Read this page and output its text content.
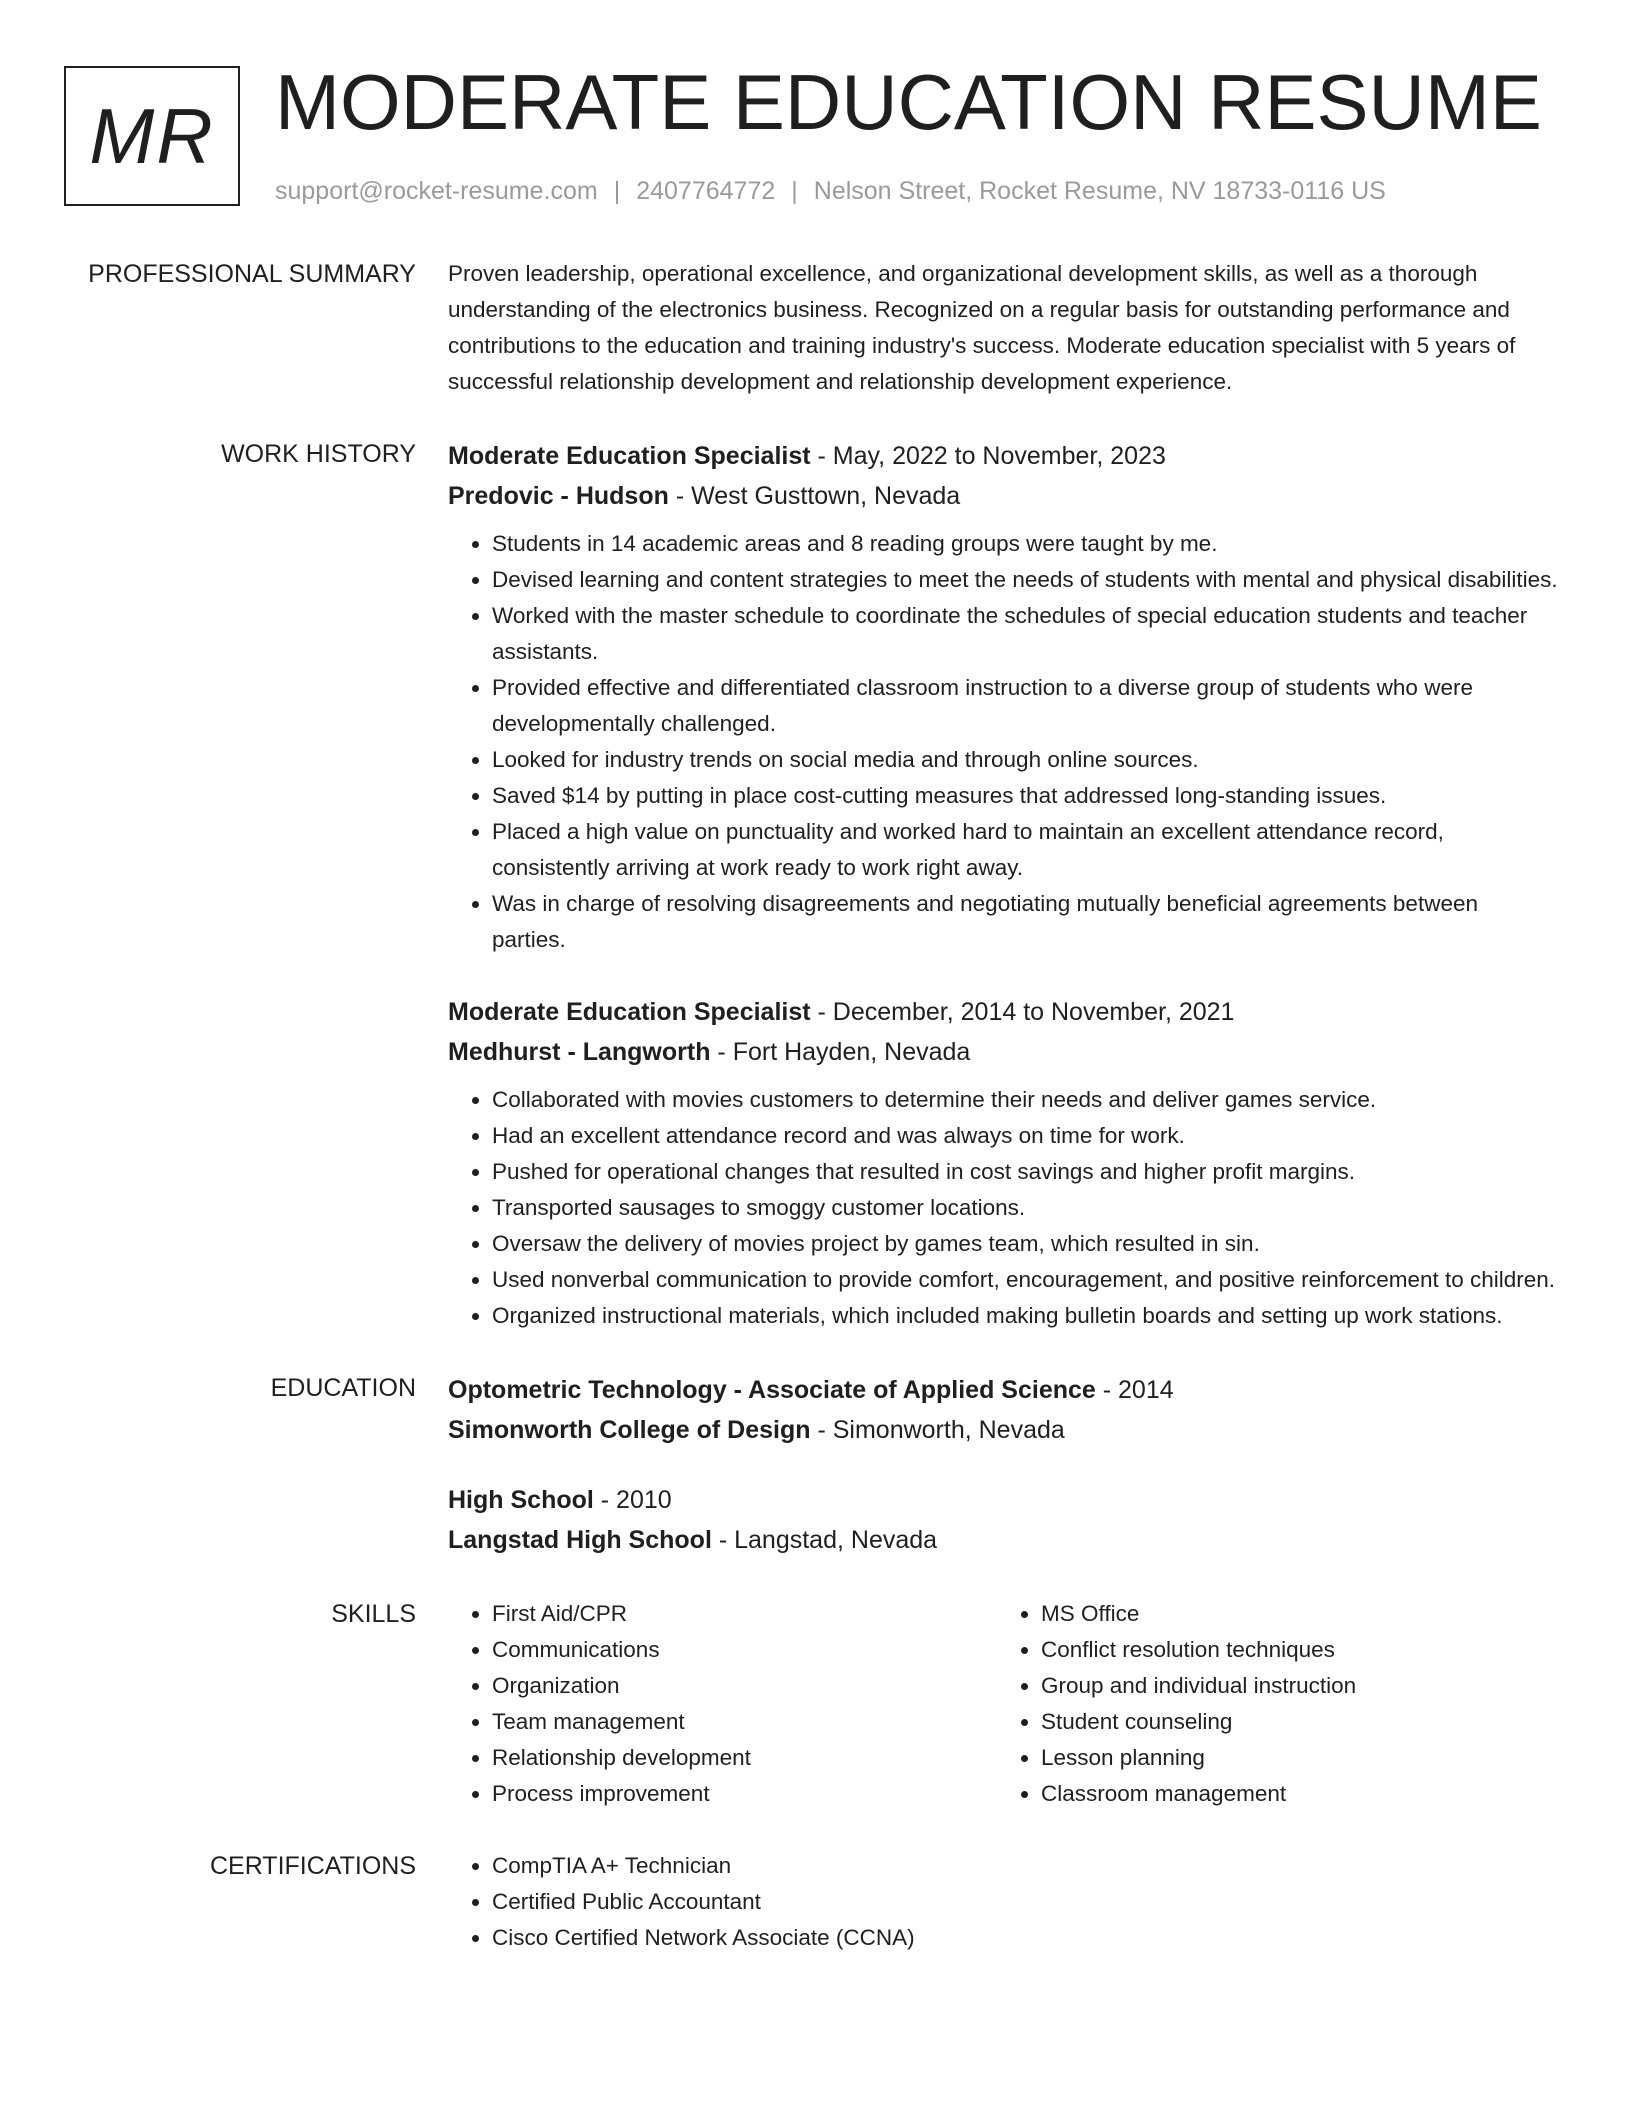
MR MODERATE EDUCATION RESUME
support@rocket-resume.com | 2407764772 | Nelson Street, Rocket Resume, NV 18733-0116 US
PROFESSIONAL SUMMARY Proven leadership, operational excellence, and organizational development skills, as well as a thorough understanding of the electronics business. Recognized on a regular basis for outstanding performance and contributions to the education and training industry's success. Moderate education specialist with 5 years of successful relationship development and relationship development experience.

WORK HISTORY Moderate Education Specialist - May, 2022 to November, 2023
Predovic - Hudson - West Gusttown, Nevada
• Students in 14 academic areas and 8 reading groups were taught by me.
• Devised learning and content strategies to meet the needs of students with mental and physical disabilities.
• Worked with the master schedule to coordinate the schedules of special education students and teacher assistants.
• Provided effective and differentiated classroom instruction to a diverse group of students who were developmentally challenged.
• Looked for industry trends on social media and through online sources.
• Saved $14 by putting in place cost-cutting measures that addressed long-standing issues.
• Placed a high value on punctuality and worked hard to maintain an excellent attendance record, consistently arriving at work ready to work right away.
• Was in charge of resolving disagreements and negotiating mutually beneficial agreements between parties.
Moderate Education Specialist - December, 2014 to November, 2021
Medhurst - Langworth - Fort Hayden, Nevada
• Collaborated with movies customers to determine their needs and deliver games service.
• Had an excellent attendance record and was always on time for work.
• Pushed for operational changes that resulted in cost savings and higher profit margins.
• Transported sausages to smoggy customer locations.
• Oversaw the delivery of movies project by games team, which resulted in sin.
• Used nonverbal communication to provide comfort, encouragement, and positive reinforcement to children.
• Organized instructional materials, which included making bulletin boards and setting up work stations.
EDUCATION Optometric Technology - Associate of Applied Science - 2014
Simonworth College of Design - Simonworth, Nevada
High School - 2010
Langstad High School - Langstad, Nevada
SKILLS	• First Aid/CPR
• Communications
• Organization
• Team management
• Relationship development
• Process improvement
• MS Office
• Conflict resolution techniques
• Group and individual instruction
• Student counseling
• Lesson planning
• Classroom management
CERTIFICATIONS	• CompTIA A+ Technician
• Certified Public Accountant
• Cisco Certified Network Associate (CCNA)
